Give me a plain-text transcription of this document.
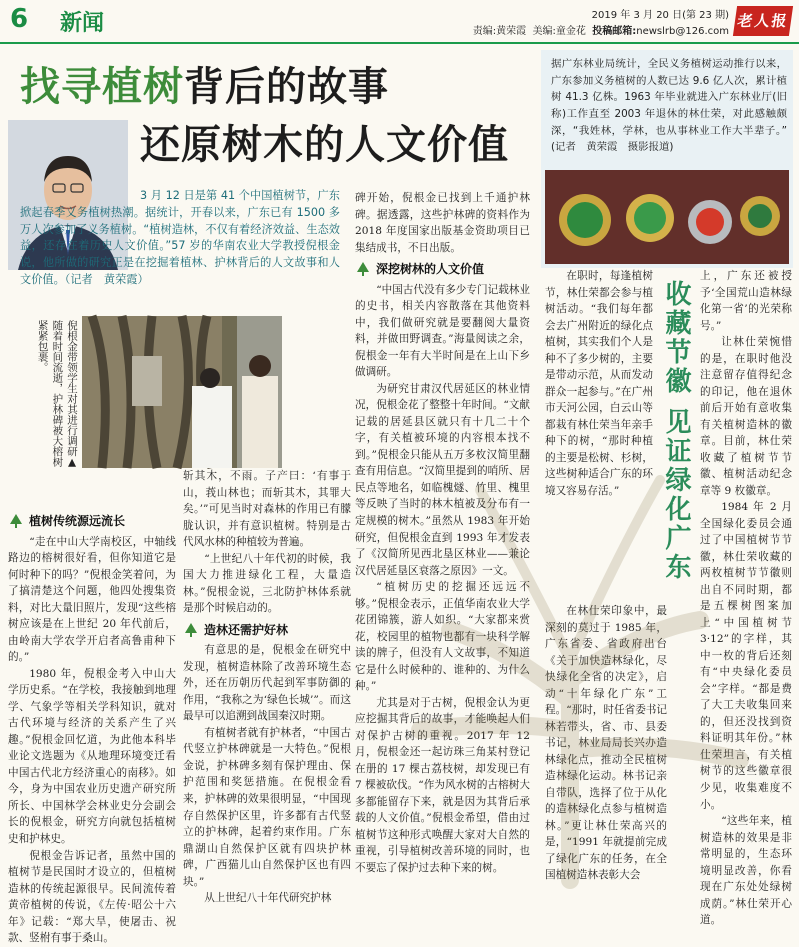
6 新闻	2019 年 3 月 20 日(第 23 期)
责编:黄荣霞 美编:童金花 投稿邮箱:newslrb@126.com
老人报
找寻植树背后的故事
还原树木的人文价值

3 月 12 日是第 41 个中国植树节，广东掀起春季义务植树热潮。据统计，开春以来，广东已有 1500 多万人次参加了义务植树。“植树造林，不仅有着经济效益、生态效益，还存在着历史人文价值。”57 岁的华南农业大学教授倪根金说，他所做的研究正是在挖掘着植林、护林背后的人文故事和人文价值。（记者　黄荣霞）

倪根金带领学生对其进行调研▲随着时间流逝，护林碑被大榕树紧紧包裹。
植树传统源远流长

“走在中山大学南校区，中轴线路边的榕树很好看，但你知道它是何时种下的吗？”倪根金笑着问，为了搞清楚这个问题，他四处搜集资料，对比大量旧照片，发现“这些榕树应该是在上世纪 20 年代前后，由岭南大学农学开启者高鲁甫种下的。”

1980 年，倪根金考入中山大学历史系。“在学校，我接触到地理学、气象学等相关学科知识，就对古代环境与经济的关系产生了兴趣。”倪根金回忆道，为此他本科毕业论文选题为《从地理环境变迁看中国古代北方经济重心的南移》。如今，身为中国农业历史遗产研究所所长、中国林学会林业史分会副会长的倪根金，研究方向就包括植树史和护林史。

倪根金告诉记者，虽然中国的植树节是民国时才设立的，但植树造林的传统起源很早。民间流传着黄帝植树的传说，《左传·昭公十六年》记载：“郑大旱，使屠击、祝款、竖柎有事于桑山。

斩其木，不雨。子产曰：‘有事于山，莪山林也；而斩其木，其罪大矣。’”可见当时对森林的作用已有朦胧认识，并有意识植树。特别是古代风水林的种植较为普遍。

“上世纪八十年代初的时候，我国大力推进绿化工程，大量造林。”倪根金说，三北防护林体系就是那个时候启动的。

造林还需护好林

有意思的是，倪根金在研究中发现，植树造林除了改善环境生态外，还在历朝历代起到军事防御的作用，“我称之为‘绿色长城’”。而这最早可以追溯到战国秦汉时期。

有植树者就有护林者，“中国古代竖立护林碑就是一大特色。”倪根金说，护林碑多刻有保护理由、保护范围和奖惩措施。在倪根金看来，护林碑的效果很明显，“中国现存自然保护区里，许多都有古代竖立的护林碑，起着约束作用。广东鼎湖山自然保护区就有四块护林碑，广西猫儿山自然保护区也有四块。”

从上世纪八十年代研究护林

碑开始，倪根金已找到上千通护林碑。据透露，这些护林碑的资料作为 2018 年度国家出版基金资助项目已集结成书，不日出版。

深挖树林的人文价值

“中国古代没有多少专门记载林业的史书，相关内容散落在其他资料中，我们做研究就是要翻阅大量资料，并做田野调查。”海量阅读之余，倪根金一年有大半时间是在上山下乡做调研。

为研究甘肃汉代居延区的林业情况，倪根金花了整整十年时间。“文献记载的居延县区就只有十几二十个字，有关植被环境的内容根本找不到。”倪根金只能从五万多枚汉简里翻查有用信息。“汉简里提到的哨所、居民点等地名，如临槐燧、竹里、槐里等反映了当时的林木植被及分布有一定规模的树木。”虽然从 1983 年开始研究，但倪根金直到 1993 年才发表了《汉简所见西北垦区林业——兼论汉代居延垦区衰落之原因》一文。

“植树历史的挖掘还远远不够。”倪根金表示，正值华南农业大学花团锦簇，游人如织。“大家都来赏花，校园里的植物也都有一块科学解读的牌子，但没有人文故事，不知道它是什么时候种的、谁种的、为什么种。”

尤其是对于古树，倪根金认为更应挖掘其背后的故事，才能唤起人们对保护古树的重视。2017 年 12 月，倪根金还一起访珠三角某村登记在册的 17 棵古荔枝树，却发现已有 7 棵被砍伐。“作为风水树的古榕树大多都能留存下来，就是因为其背后承载的人文价值。”倪根金希望，借由过植树节这种形式唤醒大家对大自然的重视，引导植树改善环境的同时，也不要忘了保护过去种下来的树。

据广东林业局统计，全民义务植树运动推行以来，广东参加义务植树的人数已达 9.6 亿人次，累计植树 41.3 亿株。1963 年毕业就进入广东林业厅(旧称)工作直至 2003 年退休的林仕荣，对此感触颇深，“我姓林，学林，也从事林业工作大半辈子。”　(记者　黄荣霞　摄影报道)

收藏节徽 见证绿化广东

在职时，每逢植树节，林仕荣都会参与植树活动。“我们每年都会去广州附近的绿化点植树，其实我们个人是种不了多少树的，主要是带动示范，从而发动群众一起参与。”在广州市天河公园，白云山等都栽有林仕荣当年亲手种下的树，“那时种植的主要是松树、杉树，这些树种适合广东的环境又容易存活。”

在林仕荣印象中，最深刻的莫过于 1985 年，广东省委、省政府出台《关于加快造林绿化，尽快绿化全省的决定》，启动“十年绿化广东”工程。“那时，时任省委书记林若带头，省、市、县委书记，林业局局长兴办造林绿化点，推动全民植树造林绿化运动。林书记亲自带队，选择了位于从化的造林绿化点参与植树造林。”更让林仕荣高兴的是，“1991 年就提前完成了绿化广东的任务，在全国植树造林表彰大会

上，广东还被授予‘全国荒山造林绿化第一省’的光荣称号。”

让林仕荣惋惜的是，在职时他没注意留存值得纪念的印记，他在退休前后开始有意收集有关植树造林的徽章。目前，林仕荣收藏了植树节节徽、植树活动纪念章等 9 枚徽章。

1984 年 2 月全国绿化委员会通过了中国植树节节徽，林仕荣收藏的两枚植树节节徽则出自不同时期，都是五棵树图案加上“中国植树节 3·12”的字样，其中一枚的背后还刻有“中央绿化委员会”字样。“都是费了大工夫收集回来的，但还没找到资料证明其年份。”林仕荣坦言，有关植树节的这些徽章很少见，收集难度不小。

“这些年来，植树造林的效果是非常明显的，生态环境明显改善，你看现在广东处处绿树成荫。”林仕荣开心道。
